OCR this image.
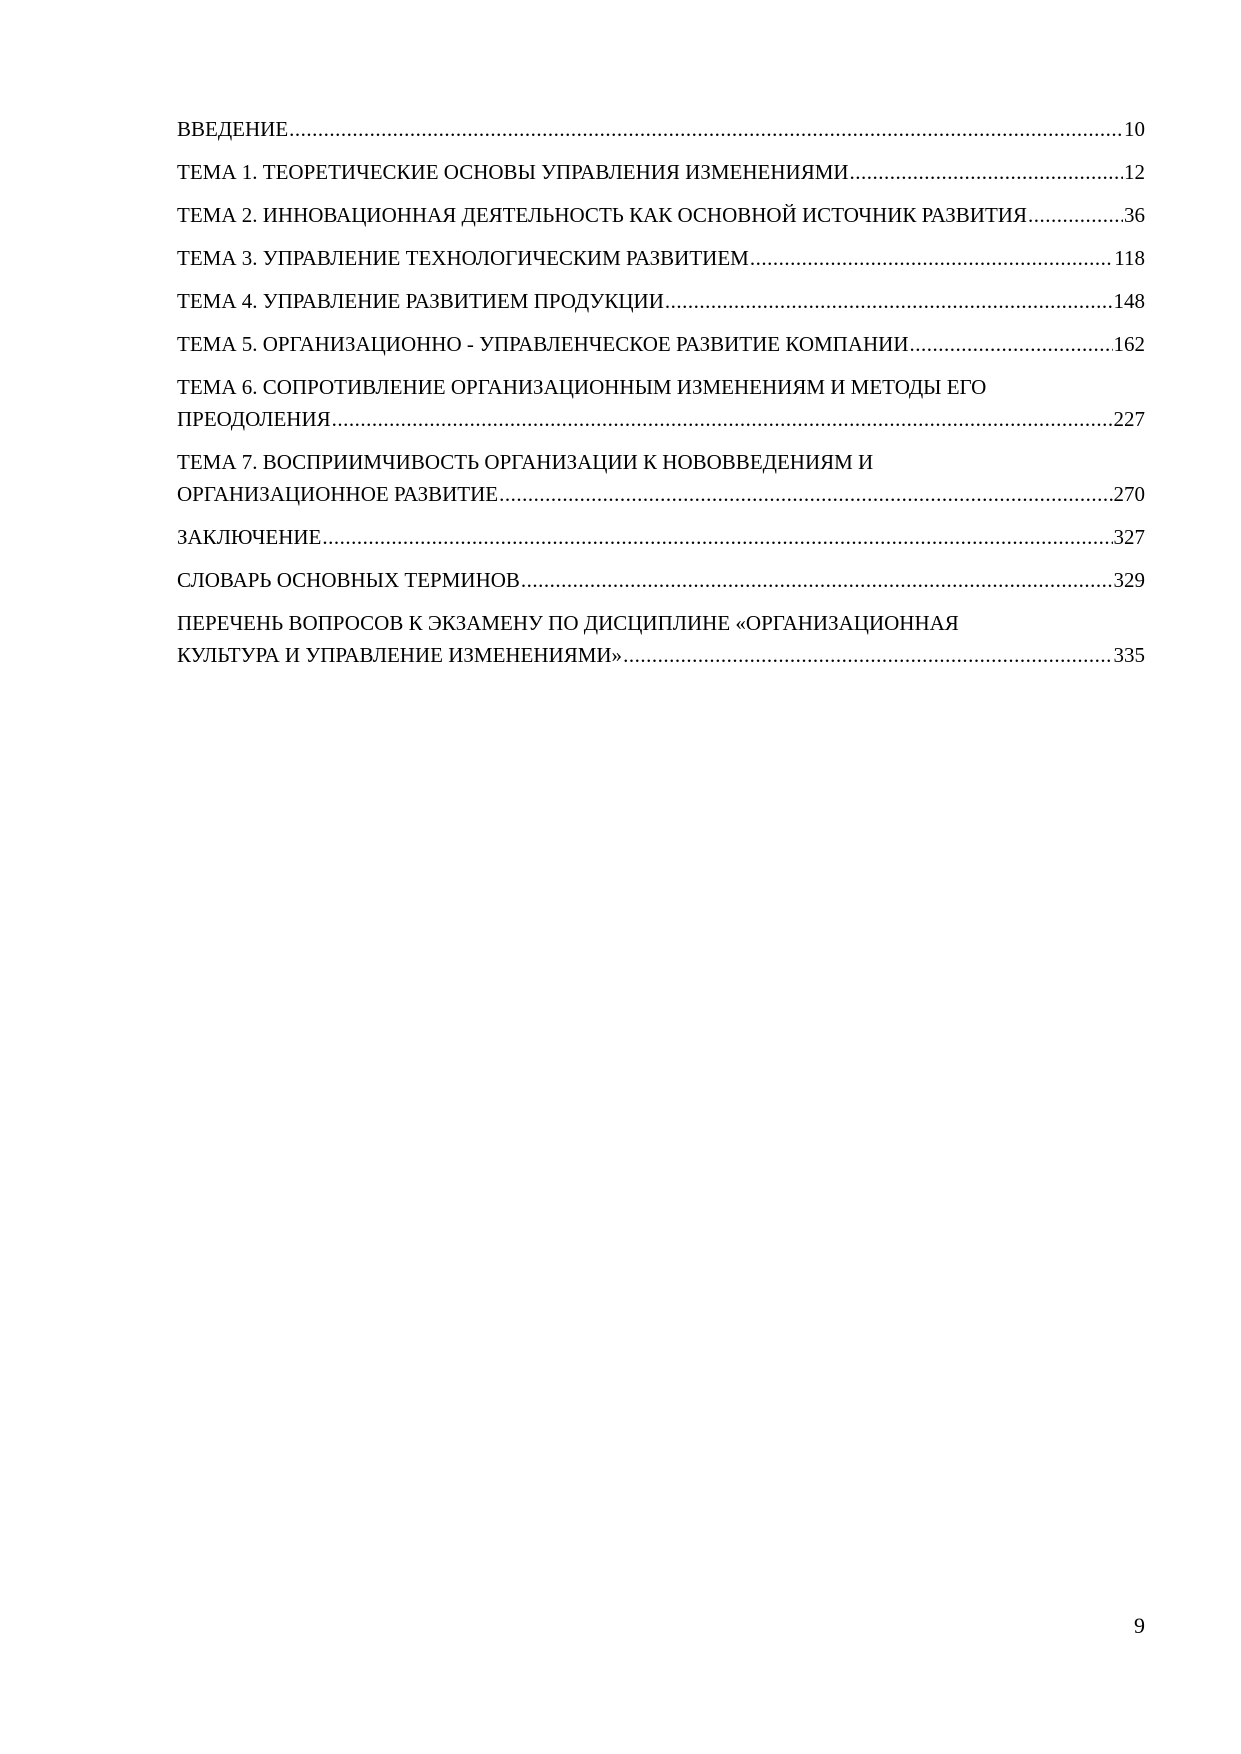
ВВЕДЕНИЕ .....	10
ТЕМА 1. ТЕОРЕТИЧЕСКИЕ ОСНОВЫ УПРАВЛЕНИЯ ИЗМЕНЕНИЯМИ .....	12
ТЕМА 2. ИННОВАЦИОННАЯ ДЕЯТЕЛЬНОСТЬ КАК ОСНОВНОЙ ИСТОЧНИК РАЗВИТИЯ .....	36
ТЕМА 3. УПРАВЛЕНИЕ ТЕХНОЛОГИЧЕСКИМ РАЗВИТИЕМ .....	118
ТЕМА 4. УПРАВЛЕНИЕ РАЗВИТИЕМ ПРОДУКЦИИ .....	148
ТЕМА 5. ОРГАНИЗАЦИОННО - УПРАВЛЕНЧЕСКОЕ РАЗВИТИЕ КОМПАНИИ .....	162
ТЕМА 6. СОПРОТИВЛЕНИЕ ОРГАНИЗАЦИОННЫМ ИЗМЕНЕНИЯМ И МЕТОДЫ ЕГО
ПРЕОДОЛЕНИЯ .....	227
ТЕМА 7. ВОСПРИИМЧИВОСТЬ ОРГАНИЗАЦИИ К НОВОВВЕДЕНИЯМ И
ОРГАНИЗАЦИОННОЕ РАЗВИТИЕ .....	270
ЗАКЛЮЧЕНИЕ .....	327
СЛОВАРЬ ОСНОВНЫХ ТЕРМИНОВ .....	329
ПЕРЕЧЕНЬ ВОПРОСОВ К ЭКЗАМЕНУ ПО ДИСЦИПЛИНЕ «ОРГАНИЗАЦИОННАЯ
КУЛЬТУРА И УПРАВЛЕНИЕ ИЗМЕНЕНИЯМИ» .....	335
9
